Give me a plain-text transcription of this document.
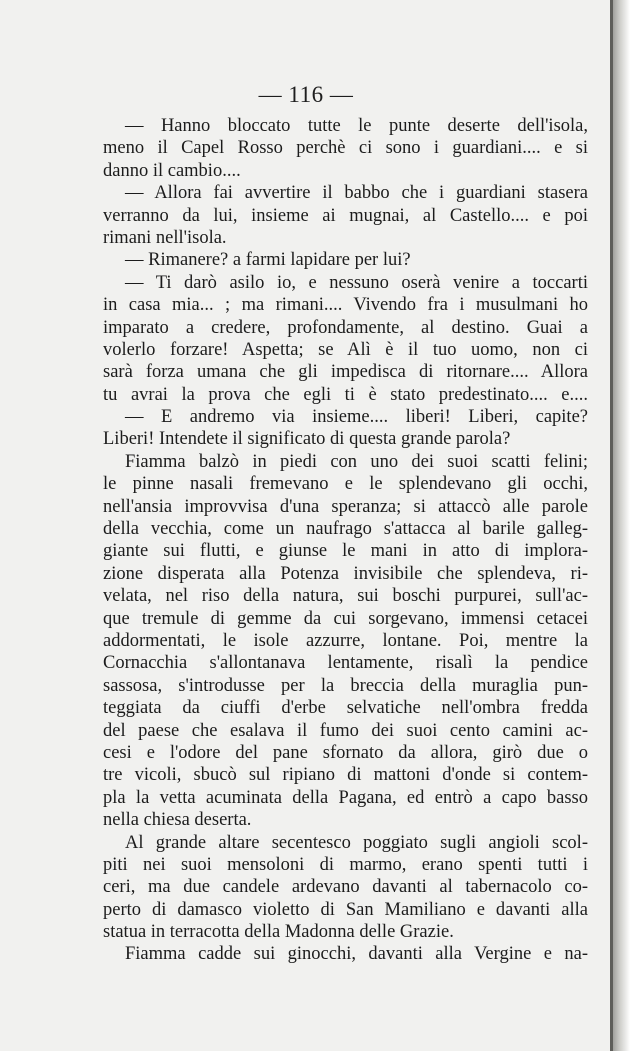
— 116 —
— Hanno bloccato tutte le punte deserte dell'isola,
meno il Capel Rosso perchè ci sono i guardiani.... e si
danno il cambio....
— Allora fai avvertire il babbo che i guardiani stasera
verranno da lui, insieme ai mugnai, al Castello.... e poi
rimani nell'isola.
— Rimanere? a farmi lapidare per lui?
— Ti darò asilo io, e nessuno oserà venire a toccarti
in casa mia... ; ma rimani.... Vivendo fra i musulmani ho
imparato a credere, profondamente, al destino. Guai a
volerlo forzare! Aspetta; se Alì è il tuo uomo, non ci
sarà forza umana che gli impedisca di ritornare.... Allora
tu avrai la prova che egli ti è stato predestinato.... e....
— E andremo via insieme.... liberi! Liberi, capite?
Liberi! Intendete il significato di questa grande parola?
Fiamma balzò in piedi con uno dei suoi scatti felini;
le pinne nasali fremevano e le splendevano gli occhi,
nell'ansia improvvisa d'una speranza; si attaccò alle parole
della vecchia, come un naufrago s'attacca al barile galleg-
giante sui flutti, e giunse le mani in atto di implora-
zione disperata alla Potenza invisibile che splendeva, ri-
velata, nel riso della natura, sui boschi purpurei, sull'ac-
que tremule di gemme da cui sorgevano, immensi cetacei
addormentati, le isole azzurre, lontane. Poi, mentre la
Cornacchia s'allontanava lentamente, risalì la pendice
sassosa, s'introdusse per la breccia della muraglia pun-
teggiata da ciuffi d'erbe selvatiche nell'ombra fredda
del paese che esalava il fumo dei suoi cento camini ac-
cesi e l'odore del pane sfornato da allora, girò due o
tre vicoli, sbucò sul ripiano di mattoni d'onde si contem-
pla la vetta acuminata della Pagana, ed entrò a capo basso
nella chiesa deserta.
Al grande altare secentesco poggiato sugli angioli scol-
piti nei suoi mensoloni di marmo, erano spenti tutti i
ceri, ma due candele ardevano davanti al tabernacolo co-
perto di damasco violetto di San Mamiliano e davanti alla
statua in terracotta della Madonna delle Grazie.
Fiamma cadde sui ginocchi, davanti alla Vergine e na-
